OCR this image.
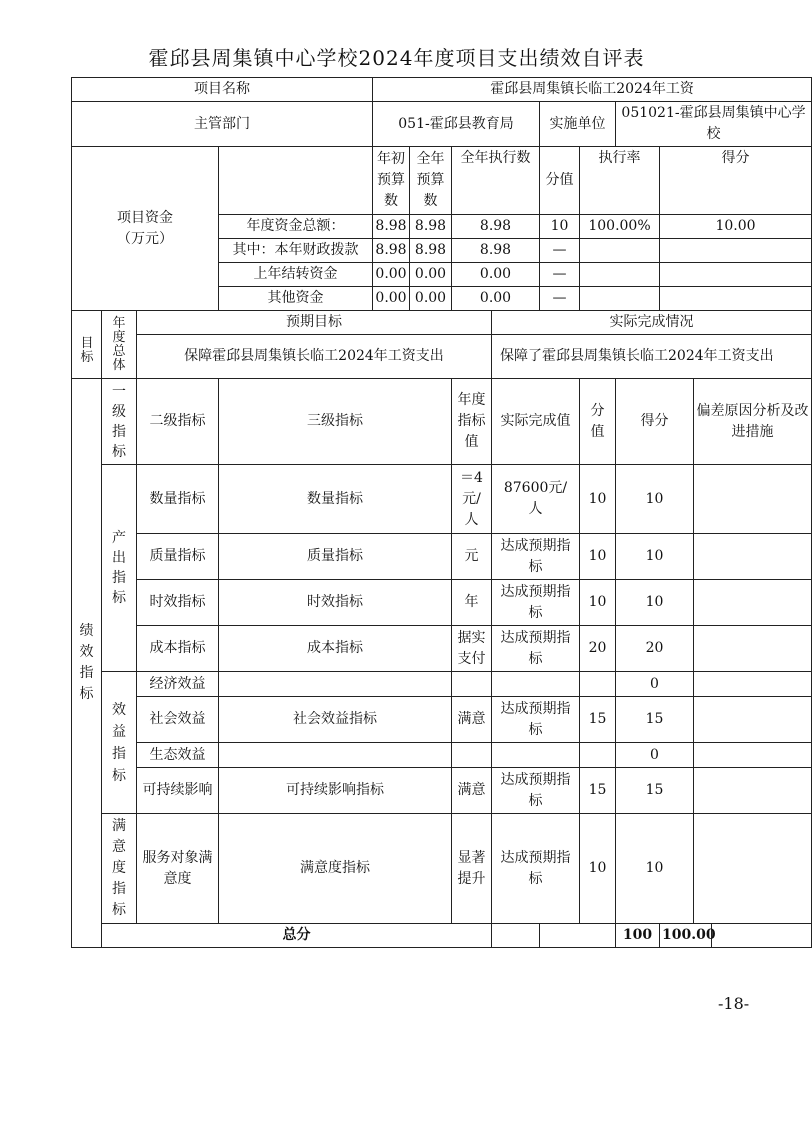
霍邱县周集镇中心学校2024年度项目支出绩效自评表
项目名称				霍邱县周集镇长临工2024年工资									
主管部门				051-霍邱县教育局				实施单位		051021-霍邱县周集镇中心学校			
项目资金
（万元）				年初预算数	全年预算数	全年执行数		分值	执行率		得分		
			年度资金总额：	8.98	8.98	8.98		10	100.00%		10.00		
			其中：本年财政拨款	8.98	8.98	8.98		—					
			上年结转资金	0.00	0.00	0.00		—					
			其他资金	0.00	0.00	0.00		—					

目标	年度总体	预期目标					实际完成情况						
		保障霍邱县周集镇长临工2024年工资支出					保障了霍邱县周集镇长临工2024年工资支出						

绩效指标	一级指标	二级指标	三级指标			年度指标值	实际完成值		分值	得分		偏差原因分析及改进措施	

	产出指标	数量指标	数量指标			＝4元/人	87600元/人		10	10			
		质量指标	质量指标			元	达成预期指标		10	10			
		时效指标	时效指标			年	达成预期指标		10	10			
		成本指标	成本指标			据实支付	达成预期指标		20	20			

	效益指标	经济效益								0			
		社会效益	社会效益指标			满意	达成预期指标		15	15			
		生态效益								0			

		可持续影响	可持续影响指标			满意	达成预期指标		15	15			

	满意度指标	服务对象满意度	满意度指标			显著提升	达成预期指标		10	10			
	总分									100	100.00		
-18-
